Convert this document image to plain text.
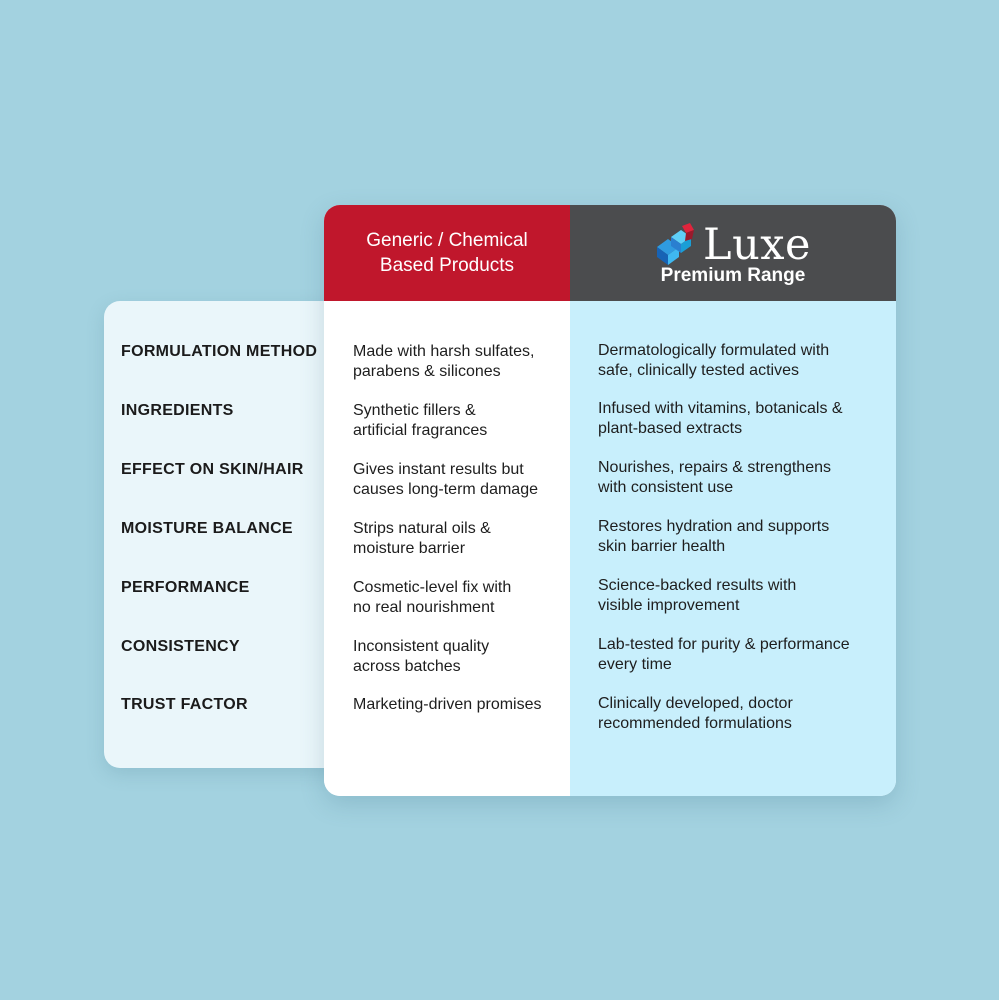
Generic / Chemical
Based Products	Luxe
Premium Range
Made with harsh sulfates,
parabens & silicones
Dermatologically formulated with
safe, clinically tested actives
Synthetic fillers &
artificial fragrances
Infused with vitamins, botanicals &
plant-based extracts
Gives instant results but
causes long-term damage
Nourishes, repairs & strengthens
with consistent use
Strips natural oils &
moisture barrier
Restores hydration and supports
skin barrier health
Cosmetic-level fix with
no real nourishment
Science-backed results with
visible improvement
Inconsistent quality
across batches
Lab-tested for purity & performance
every time
Marketing-driven promises	Clinically developed, doctor
recommended formulations
FORMULATION METHOD
INGREDIENTS
EFFECT ON SKIN/HAIR
MOISTURE BALANCE
PERFORMANCE
CONSISTENCY
TRUST FACTOR
